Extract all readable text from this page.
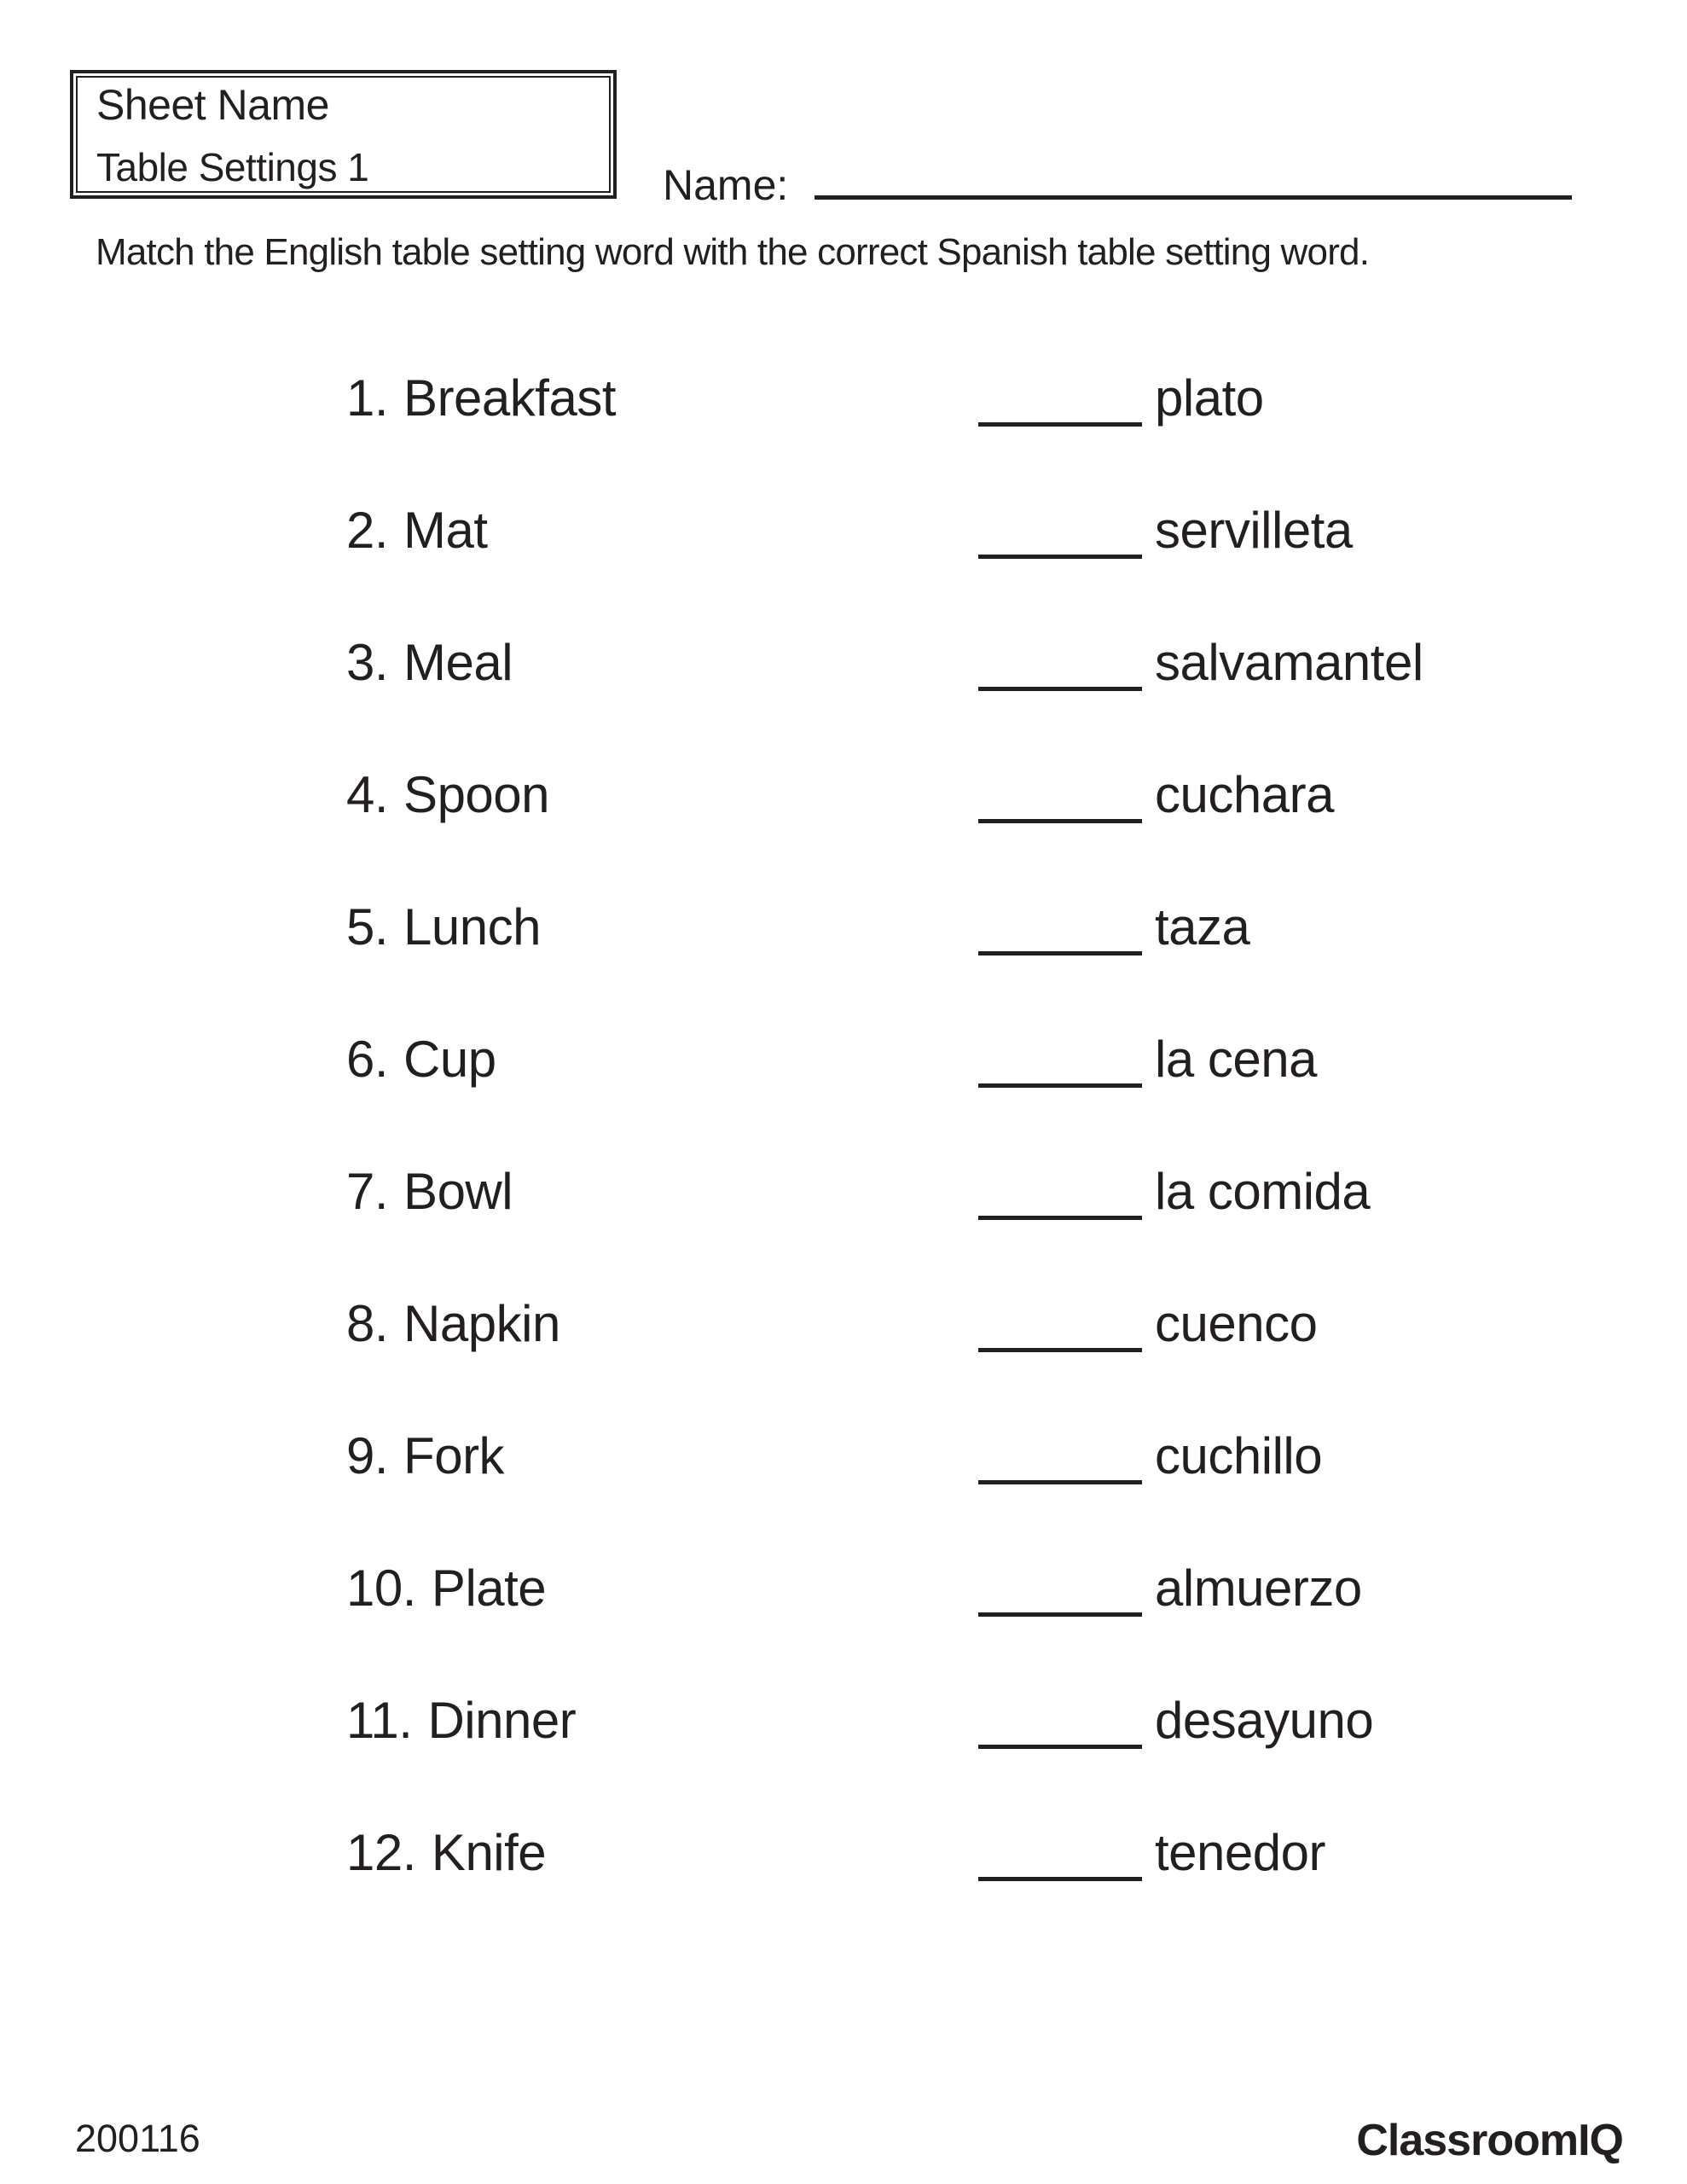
Sheet Name
Table Settings 1	Name:
Match the English table setting word with the correct Spanish table setting word.
1. Breakfast	plato
2. Mat	servilleta
3. Meal	salvamantel
4. Spoon	cuchara
5. Lunch	taza
6. Cup	la cena
7. Bowl	la comida
8. Napkin	cuenco
9. Fork	cuchillo
10. Plate	almuerzo
11. Dinner	desayuno
12. Knife	tenedor
200116	ClassroomIQ
